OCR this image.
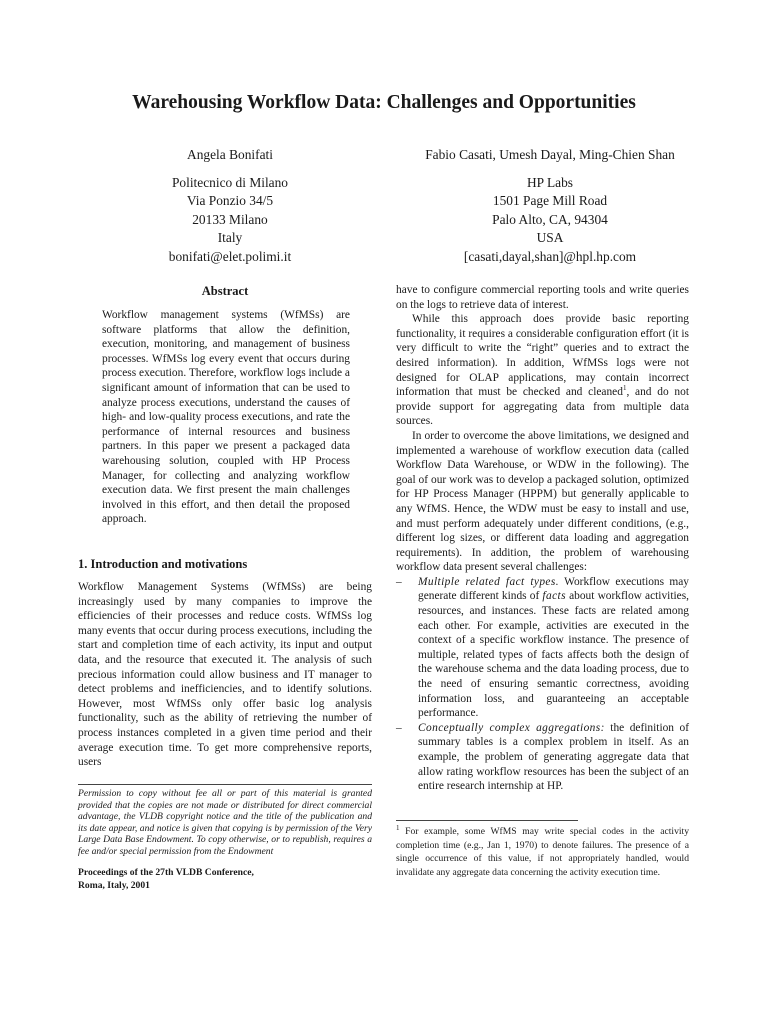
Warehousing Workflow Data: Challenges and Opportunities
Angela Bonifati
Politecnico di Milano
Via Ponzio 34/5
20133 Milano
Italy
bonifati@elet.polimi.it
Fabio Casati, Umesh Dayal, Ming-Chien Shan
HP Labs
1501 Page Mill Road
Palo Alto, CA, 94304
USA
[casati,dayal,shan]@hpl.hp.com
Abstract

Workflow management systems (WfMSs) are software platforms that allow the definition, execution, monitoring, and management of business processes. WfMSs log every event that occurs during process execution. Therefore, workflow logs include a significant amount of information that can be used to analyze process executions, understand the causes of high- and low-quality process executions, and rate the performance of internal resources and business partners. In this paper we present a packaged data warehousing solution, coupled with HP Process Manager, for collecting and analyzing workflow execution data. We first present the main challenges involved in this effort, and then detail the proposed approach.

1. Introduction and motivations

Workflow Management Systems (WfMSs) are being increasingly used by many companies to improve the efficiencies of their processes and reduce costs. WfMSs log many events that occur during process executions, including the start and completion time of each activity, its input and output data, and the resource that executed it. The analysis of such precious information could allow business and IT manager to detect problems and inefficiencies, and to identify solutions. However, most WfMSs only offer basic log analysis functionality, such as the ability of retrieving the number of process instances completed in a given time period and their average execution time. To get more comprehensive reports, users

Permission to copy without fee all or part of this material is granted provided that the copies are not made or distributed for direct commercial advantage, the VLDB copyright notice and the title of the publication and its date appear, and notice is given that copying is by permission of the Very Large Data Base Endowment. To copy otherwise, or to republish, requires a fee and/or special permission from the Endowment

Proceedings of the 27th VLDB Conference,
Roma, Italy, 2001

have to configure commercial reporting tools and write queries on the logs to retrieve data of interest.

While this approach does provide basic reporting functionality, it requires a considerable configuration effort (it is very difficult to write the “right” queries and to extract the desired information). In addition, WfMSs logs were not designed for OLAP applications, may contain incorrect information that must be checked and cleaned$^1$, and do not provide support for aggregating data from multiple data sources.

In order to overcome the above limitations, we designed and implemented a warehouse of workflow execution data (called Workflow Data Warehouse, or WDW in the following). The goal of our work was to develop a packaged solution, optimized for HP Process Manager (HPPM) but generally applicable to any WfMS. Hence, the WDW must be easy to install and use, and must perform adequately under different conditions, (e.g., different log sizes, or different data loading and aggregation requirements). In addition, the problem of warehousing workflow data present several challenges:

– Multiple related fact types. Workflow executions may generate different kinds of facts about workflow activities, resources, and instances. These facts are related among each other. For example, activities are executed in the context of a specific workflow instance. The presence of multiple, related types of facts affects both the design of the warehouse schema and the data loading process, due to the need of ensuring semantic correctness, avoiding information loss, and guaranteeing an acceptable performance.

– Conceptually complex aggregations: the definition of summary tables is a complex problem in itself. As an example, the problem of generating aggregate data that allow rating workflow resources has been the subject of an entire research internship at HP.

$^1$ For example, some WfMS may write special codes in the activity completion time (e.g., Jan 1, 1970) to denote failures. The presence of a single occurrence of this value, if not appropriately handled, would invalidate any aggregate data concerning the activity execution time.
